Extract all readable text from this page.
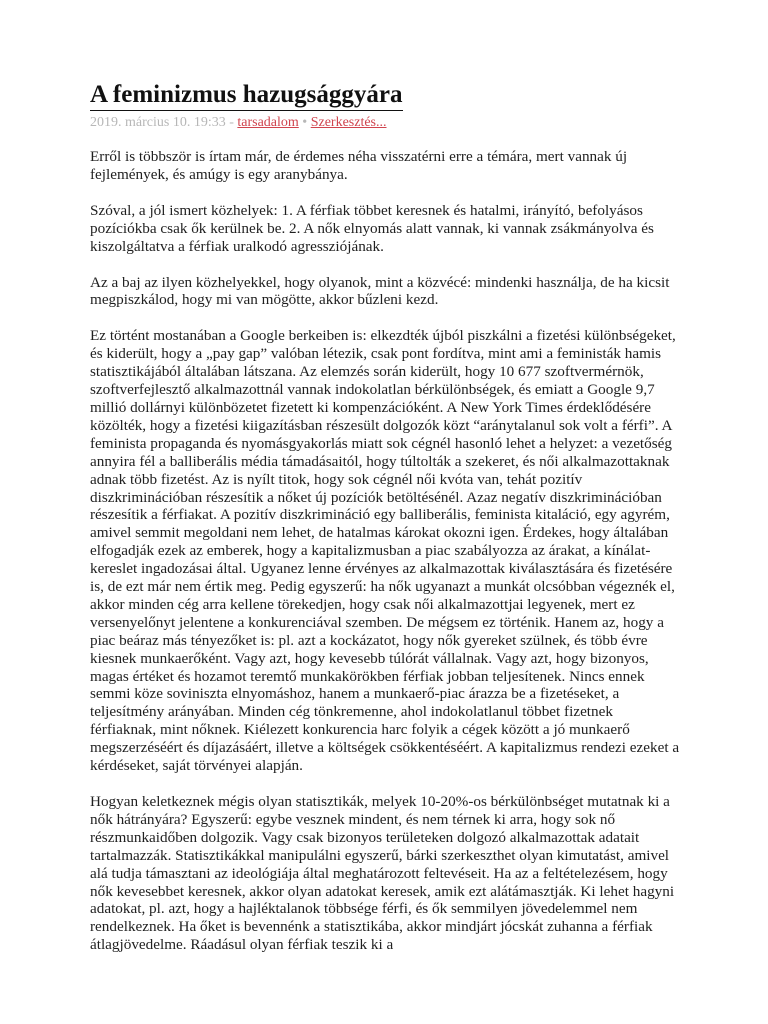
A feminizmus hazugsággyára
2019. március 10. 19:33 - tarsadalom • Szerkesztés...

Erről is többször is írtam már, de érdemes néha visszatérni erre a témára, mert vannak új fejlemények, és amúgy is egy aranybánya.

Szóval, a jól ismert közhelyek: 1. A férfiak többet keresnek és hatalmi, irányító, befolyásos pozíciókba csak ők kerülnek be. 2. A nők elnyomás alatt vannak, ki vannak zsákmányolva és kiszolgáltatva a férfiak uralkodó agressziójának.

Az a baj az ilyen közhelyekkel, hogy olyanok, mint a közvécé: mindenki használja, de ha kicsit megpiszkálod, hogy mi van mögötte, akkor bűzleni kezd.

Ez történt mostanában a Google berkeiben is: elkezdték újból piszkálni a fizetési különbségeket, és kiderült, hogy a „pay gap” valóban létezik, csak pont fordítva, mint ami a feministák hamis statisztikájából általában látszana. Az elemzés során kiderült, hogy 10 677 szoftvermérnök, szoftverfejlesztő alkalmazottnál vannak indokolatlan bérkülönbségek, és emiatt a Google 9,7 millió dollárnyi különbözetet fizetett ki kompenzációként. A New York Times érdeklődésére közölték, hogy a fizetési kiigazításban részesült dolgozók közt “aránytalanul sok volt a férfi”. A feminista propaganda és nyomásgyakorlás miatt sok cégnél hasonló lehet a helyzet: a vezetőség annyira fél a balliberális média támadásaitól, hogy túltolták a szekeret, és női alkalmazottaknak adnak több fizetést. Az is nyílt titok, hogy sok cégnél női kvóta van, tehát pozitív diszkriminációban részesítik a nőket új pozíciók betöltésénél. Azaz negatív diszkriminációban részesítik a férfiakat. A pozitív diszkrimináció egy balliberális, feminista kitaláció, egy agyrém, amivel semmit megoldani nem lehet, de hatalmas károkat okozni igen. Érdekes, hogy általában elfogadják ezek az emberek, hogy a kapitalizmusban a piac szabályozza az árakat, a kínálat-kereslet ingadozásai által. Ugyanez lenne érvényes az alkalmazottak kiválasztására és fizetésére is, de ezt már nem értik meg. Pedig egyszerű: ha nők ugyanazt a munkát olcsóbban végeznék el, akkor minden cég arra kellene törekedjen, hogy csak női alkalmazottjai legyenek, mert ez versenyelőnyt jelentene a konkurenciával szemben. De mégsem ez történik. Hanem az, hogy a piac beáraz más tényezőket is: pl. azt a kockázatot, hogy nők gyereket szülnek, és több évre kiesnek munkaerőként. Vagy azt, hogy kevesebb túlórát vállalnak. Vagy azt, hogy bizonyos, magas értéket és hozamot teremtő munkakörökben férfiak jobban teljesítenek. Nincs ennek semmi köze soviniszta elnyomáshoz, hanem a munkaerő-piac árazza be a fizetéseket, a teljesítmény arányában. Minden cég tönkremenne, ahol indokolatlanul többet fizetnek férfiaknak, mint nőknek. Kiélezett konkurencia harc folyik a cégek között a jó munkaerő megszerzéséért és díjazásáért, illetve a költségek csökkentéséért. A kapitalizmus rendezi ezeket a kérdéseket, saját törvényei alapján.

Hogyan keletkeznek mégis olyan statisztikák, melyek 10-20%-os bérkülönbséget mutatnak ki a nők hátrányára? Egyszerű: egybe vesznek mindent, és nem térnek ki arra, hogy sok nő részmunkaidőben dolgozik. Vagy csak bizonyos területeken dolgozó alkalmazottak adatait tartalmazzák. Statisztikákkal manipulálni egyszerű, bárki szerkeszthet olyan kimutatást, amivel alá tudja támasztani az ideológiája által meghatározott feltevéseit. Ha az a feltételezésem, hogy nők kevesebbet keresnek, akkor olyan adatokat keresek, amik ezt alátámasztják. Ki lehet hagyni adatokat, pl. azt, hogy a hajléktalanok többsége férfi, és ők semmilyen jövedelemmel nem rendelkeznek. Ha őket is bevennénk a statisztikába, akkor mindjárt jócskát zuhanna a férfiak átlagjövedelme. Ráadásul olyan férfiak teszik ki a
